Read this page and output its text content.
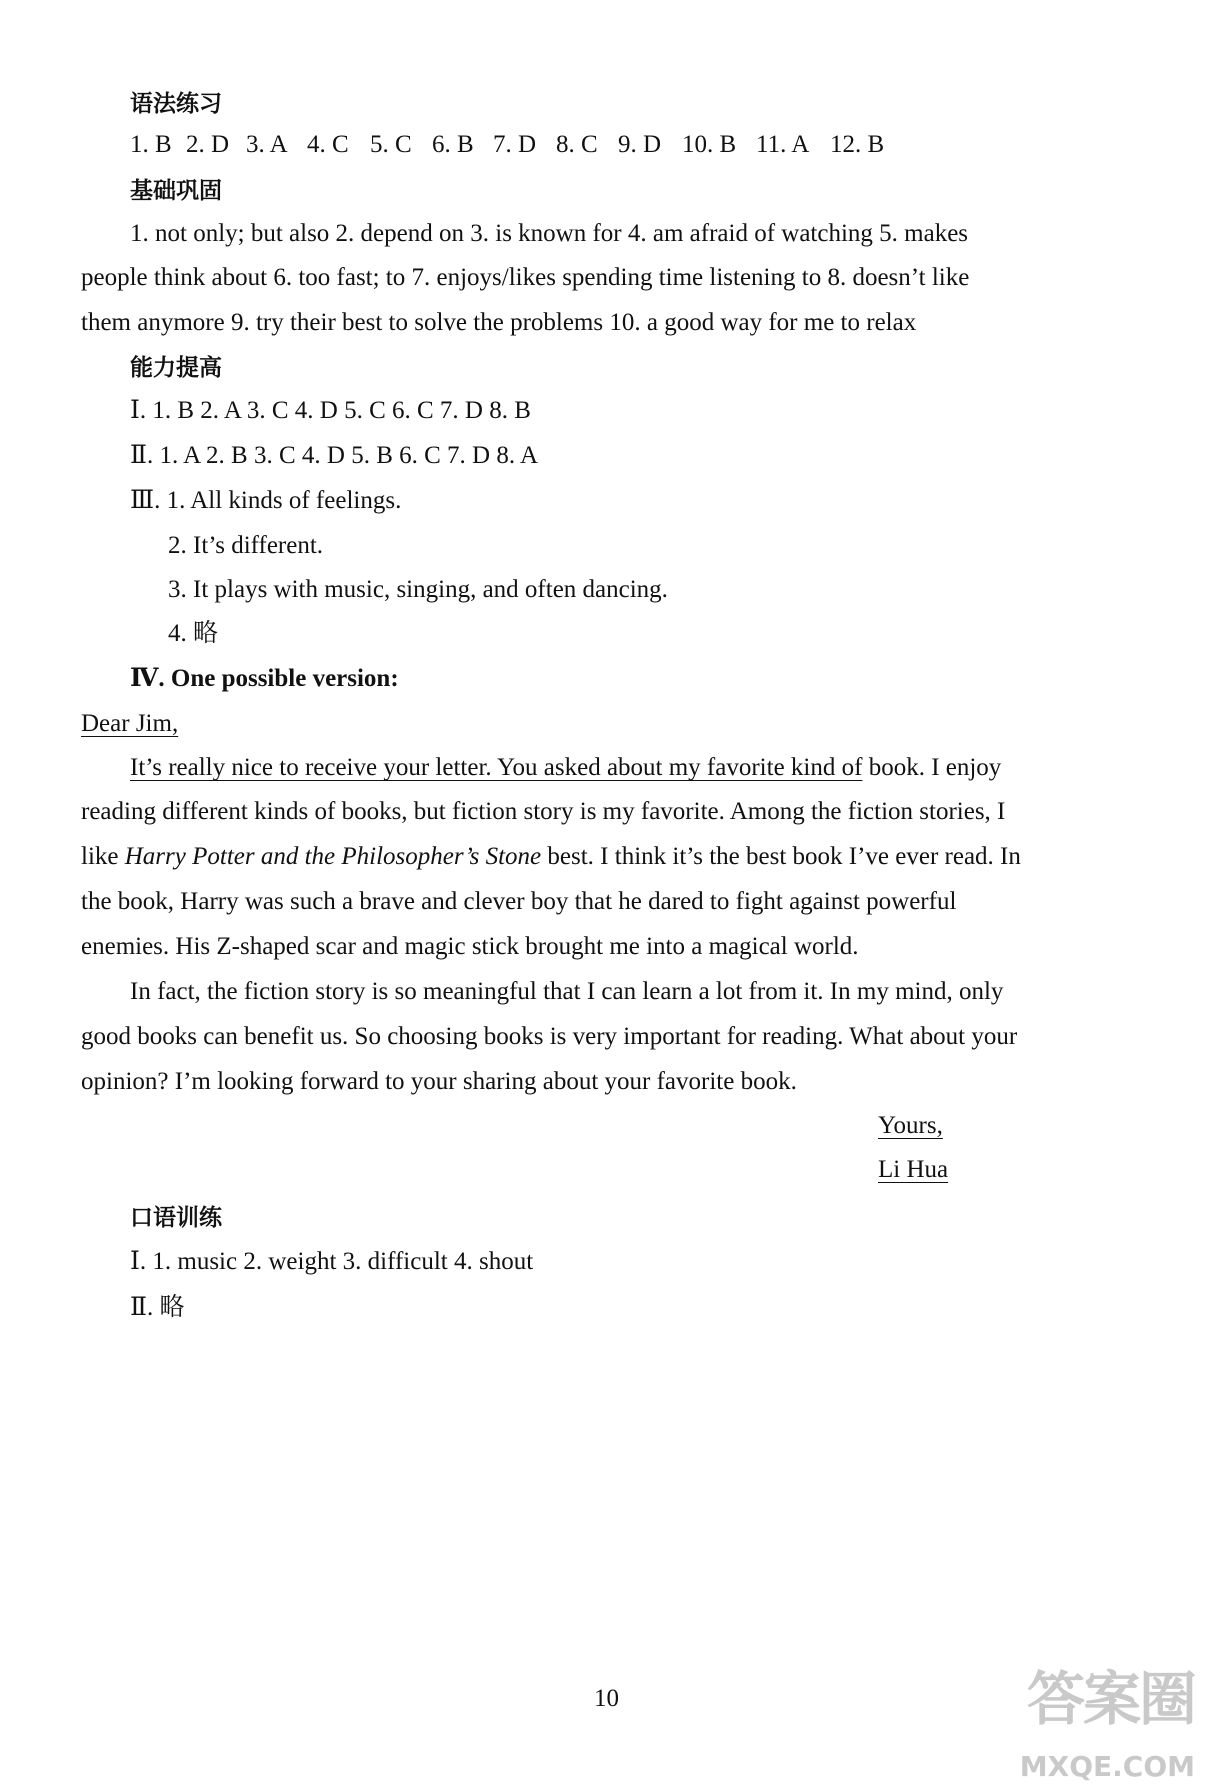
语法练习
1. B 2. D 3. A 4. C 5. C 6. B 7. D 8. C 9. D 10. B 11. A 12. B
基础巩固
1. not only; but also 2. depend on 3. is known for 4. am afraid of watching 5. makes
people think about 6. too fast; to 7. enjoys/likes spending time listening to 8. doesn’t like
them anymore 9. try their best to solve the problems 10. a good way for me to relax
能力提高
Ⅰ. 1. B 2. A 3. C 4. D 5. C 6. C 7. D 8. B
Ⅱ. 1. A 2. B 3. C 4. D 5. B 6. C 7. D 8. A
Ⅲ. 1. All kinds of feelings.
2. It’s different.
3. It plays with music, singing, and often dancing.
4. 略
Ⅳ. One possible version:
Dear Jim,
It’s really nice to receive your letter. You asked about my favorite kind of book. I enjoy
reading different kinds of books, but fiction story is my favorite. Among the fiction stories, I
like Harry Potter and the Philosopher’s Stone best. I think it’s the best book I’ve ever read. In
the book, Harry was such a brave and clever boy that he dared to fight against powerful
enemies. His Z-shaped scar and magic stick brought me into a magical world.
In fact, the fiction story is so meaningful that I can learn a lot from it. In my mind, only
good books can benefit us. So choosing books is very important for reading. What about your
opinion? I’m looking forward to your sharing about your favorite book.
Yours,
Li Hua
口语训练
Ⅰ. 1. music 2. weight 3. difficult 4. shout
Ⅱ. 略
10	答案圈
MXQE.COM
